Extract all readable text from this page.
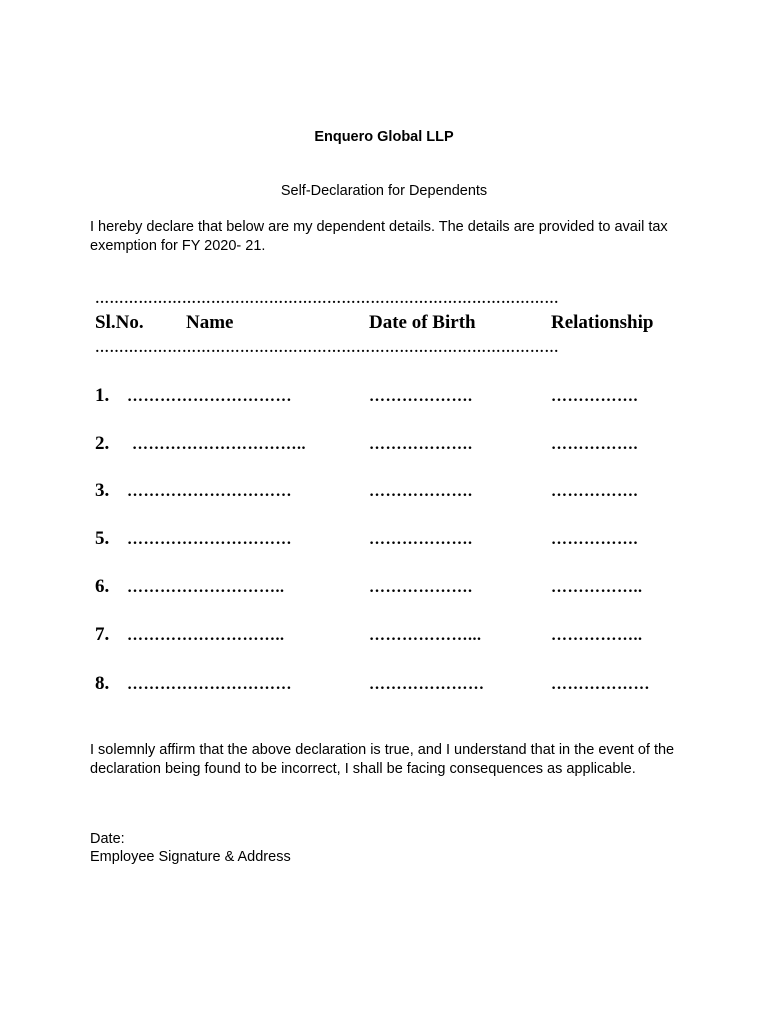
Enquero Global LLP
Self-Declaration for Dependents
I hereby declare that below are my dependent details. The details are provided to avail tax exemption for FY 2020- 21.
……………………………………………………………………………………
Sl.No. Name	Date of Birth	Relationship
……………………………………………………………………………………
1. …………………………	……………….	…………….
2. …………………………..	……………….	…………….
3. …………………………	……………….	…………….
5. …………………………	……………….	…………….
6. ………………………..	……………….	……………..
7. ………………………..	………………...	……………..
8. …………………………	…………………	………………
I solemnly affirm that the above declaration is true, and I understand that in the event of the declaration being found to be incorrect, I shall be facing consequences as applicable.
Date:
Employee Signature & Address
